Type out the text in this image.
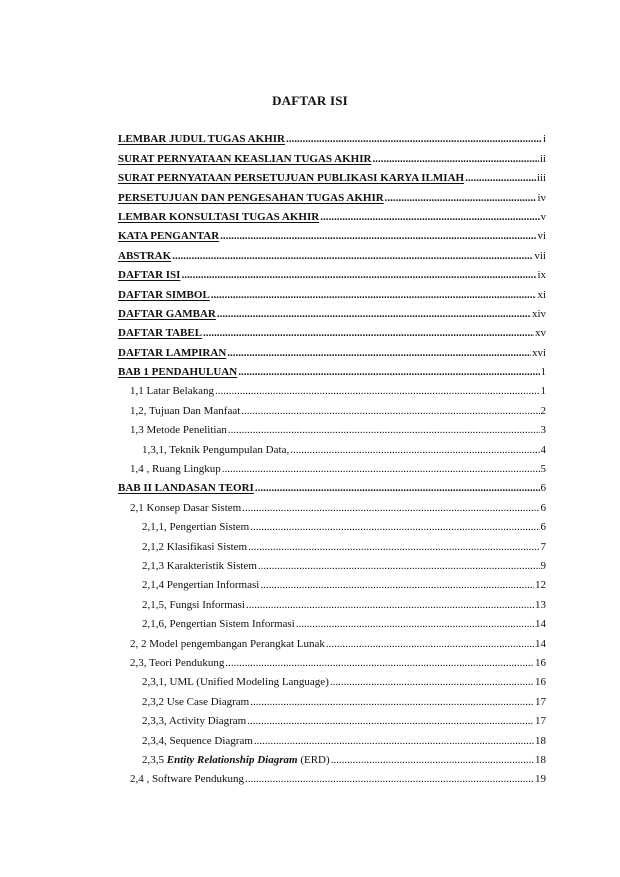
DAFTAR ISI
LEMBAR JUDUL TUGAS AKHIR .....	i
SURAT PERNYATAAN KEASLIAN TUGAS AKHIR .....	ii
SURAT PERNYATAAN PERSETUJUAN PUBLIKASI KARYA ILMIAH .....	iii
PERSETUJUAN DAN PENGESAHAN TUGAS AKHIR .....	iv
LEMBAR KONSULTASI TUGAS AKHIR .....	v
KATA PENGANTAR .....	vi
ABSTRAK .....	vii
DAFTAR ISI .....	ix
DAFTAR SIMBOL .....	xi
DAFTAR GAMBAR .....	xiv
DAFTAR TABEL .....	xv
DAFTAR LAMPIRAN .....	xvi
BAB 1 PENDAHULUAN .....	1
1,1 Latar Belakang .....	1
1,2, Tujuan Dan Manfaat .....	2
1,3 Metode Penelitian .....	3
1,3,1, Teknik Pengumpulan Data, .....	4
1,4 , Ruang Lingkup .....	5
BAB II LANDASAN TEORI .....	6
2,1 Konsep Dasar Sistem .....	6
2,1,1, Pengertian Sistem .....	6
2,1,2 Klasifikasi Sistem .....	7
2,1,3 Karakteristik Sistem .....	9
2,1,4 Pengertian Informasi .....	12
2,1,5, Fungsi Informasi .....	13
2,1,6, Pengertian Sistem Informasi .....	14
2, 2 Model pengembangan Perangkat Lunak .....	14
2,3, Teori Pendukung .....	16
2,3,1, UML (Unified Modeling Language) .....	16
2,3,2 Use Case Diagram .....	17
2,3,3, Activity Diagram .....	17
2,3,4, Sequence Diagram .....	18
2,3,5 Entity Relationship Diagram (ERD) .....	18
2,4 , Software Pendukung .....	19
